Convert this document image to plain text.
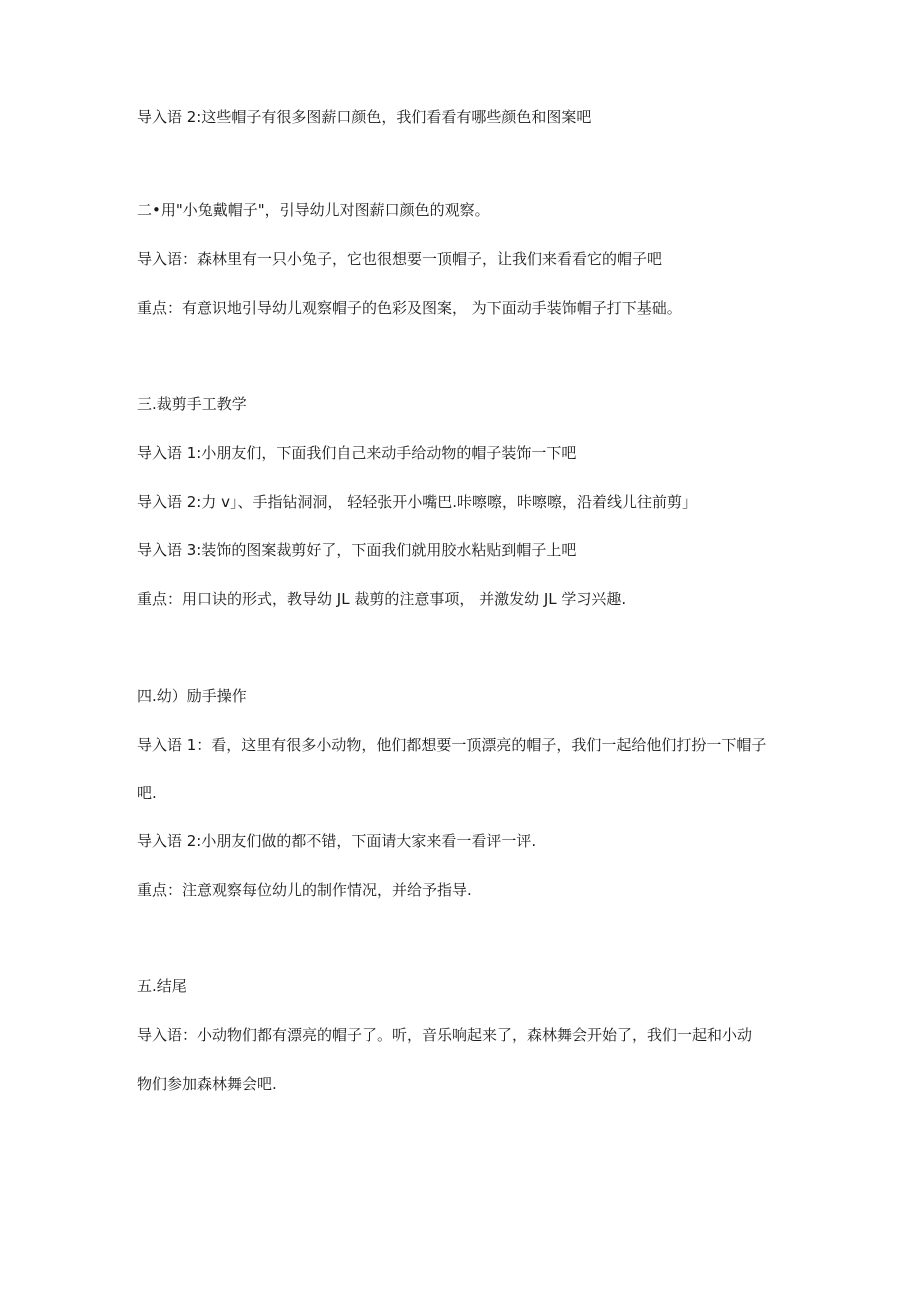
导入语 2:这些帽子有很多图薪口颜色，我们看看有哪些颜色和图案吧
二•用"小兔戴帽子"，引导幼儿对图薪口颜色的观察。
导入语：森林里有一只小兔子，它也很想要一顶帽子，让我们来看看它的帽子吧
重点：有意识地引导幼儿观察帽子的色彩及图案， 为下面动手装饰帽子打下基础。
三.裁剪手工教学
导入语 1:小朋友们，下面我们自己来动手给动物的帽子装饰一下吧
导入语 2:力 v」、手指钻洞洞， 轻轻张开小嘴巴.咔嚓嚓，咔嚓嚓，沿着线儿往前剪」
导入语 3:装饰的图案裁剪好了，下面我们就用胶水粘贴到帽子上吧
重点：用口诀的形式，教导幼 JL 裁剪的注意事项， 并激发幼 JL 学习兴趣.
四.幼）励手操作
导入语 1：看，这里有很多小动物，他们都想要一顶漂亮的帽子，我们一起给他们打扮一下帽子
吧.
导入语 2:小朋友们做的都不错，下面请大家来看一看评一评.
重点：注意观察每位幼儿的制作情况，并给予指导.
五.结尾
导入语：小动物们都有漂亮的帽子了。听，音乐响起来了，森林舞会开始了，我们一起和小动
物们参加森林舞会吧.
